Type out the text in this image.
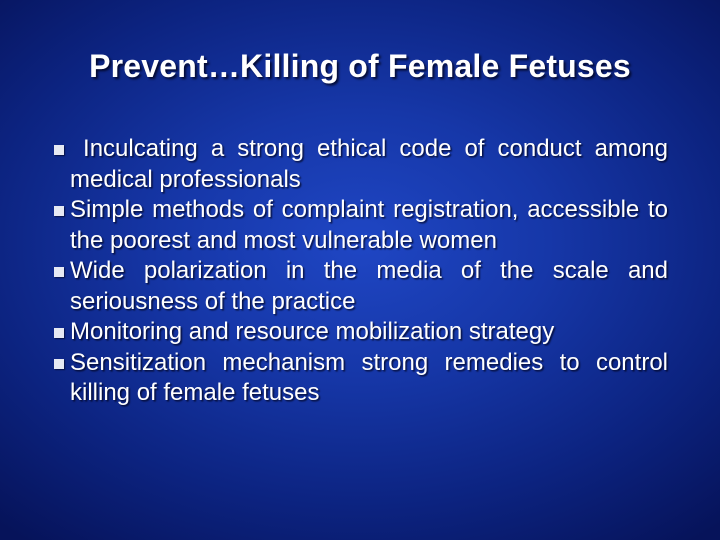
Prevent…Killing of Female Fetuses
Inculcating a strong ethical code of conduct among medical professionals
Simple methods of complaint registration, accessible to the poorest and most vulnerable women
Wide polarization in the media of the scale and seriousness of the practice
Monitoring and resource mobilization strategy
Sensitization mechanism strong remedies to control killing of female fetuses
